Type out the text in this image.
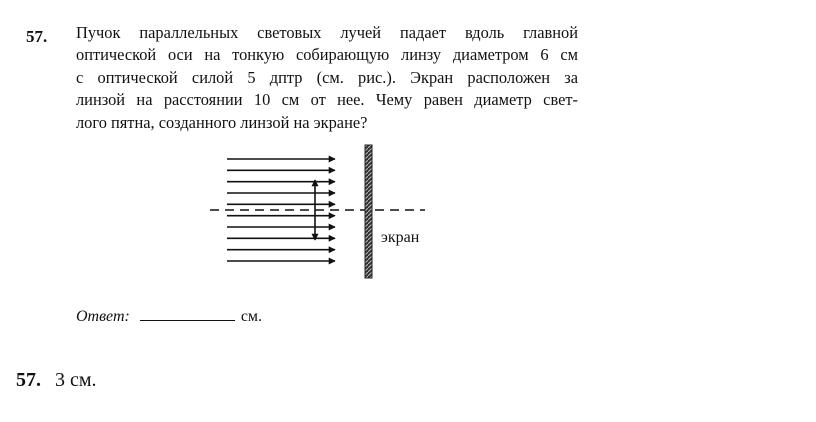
57. Пучок параллельных световых лучей падает вдоль главной
оптической оси на тонкую собирающую линзу диаметром 6 см
с оптической силой 5 дптр (см. рис.). Экран расположен за
линзой на расстоянии 10 см от нее. Чему равен диаметр свет-
лого пятна, созданного линзой на экране?

экран
Ответ:	см.
57. 3 см.
